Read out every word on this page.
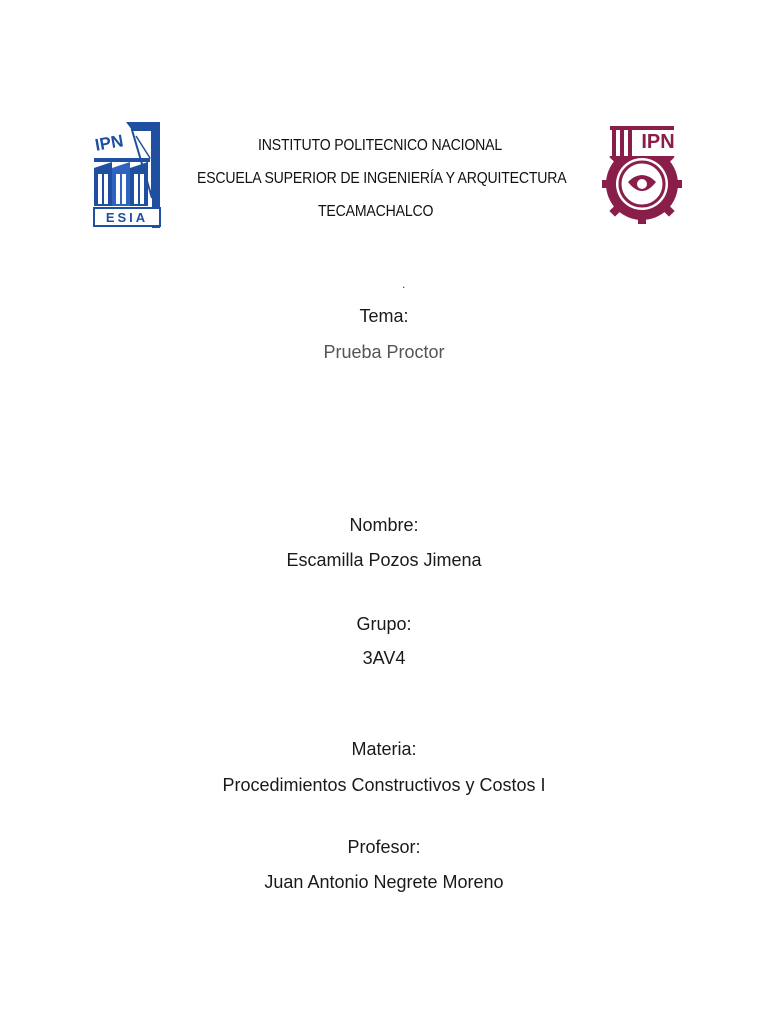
IPN
ESIA
INSTITUTO POLITECNICO NACIONAL
ESCUELA SUPERIOR DE INGENIERÍA Y ARQUITECTURA
TECAMACHALCO
IPN
.
Tema:
Prueba Proctor
Nombre:
Escamilla Pozos Jimena
Grupo:
3AV4
Materia:
Procedimientos Constructivos y Costos I
Profesor:
Juan Antonio Negrete Moreno
